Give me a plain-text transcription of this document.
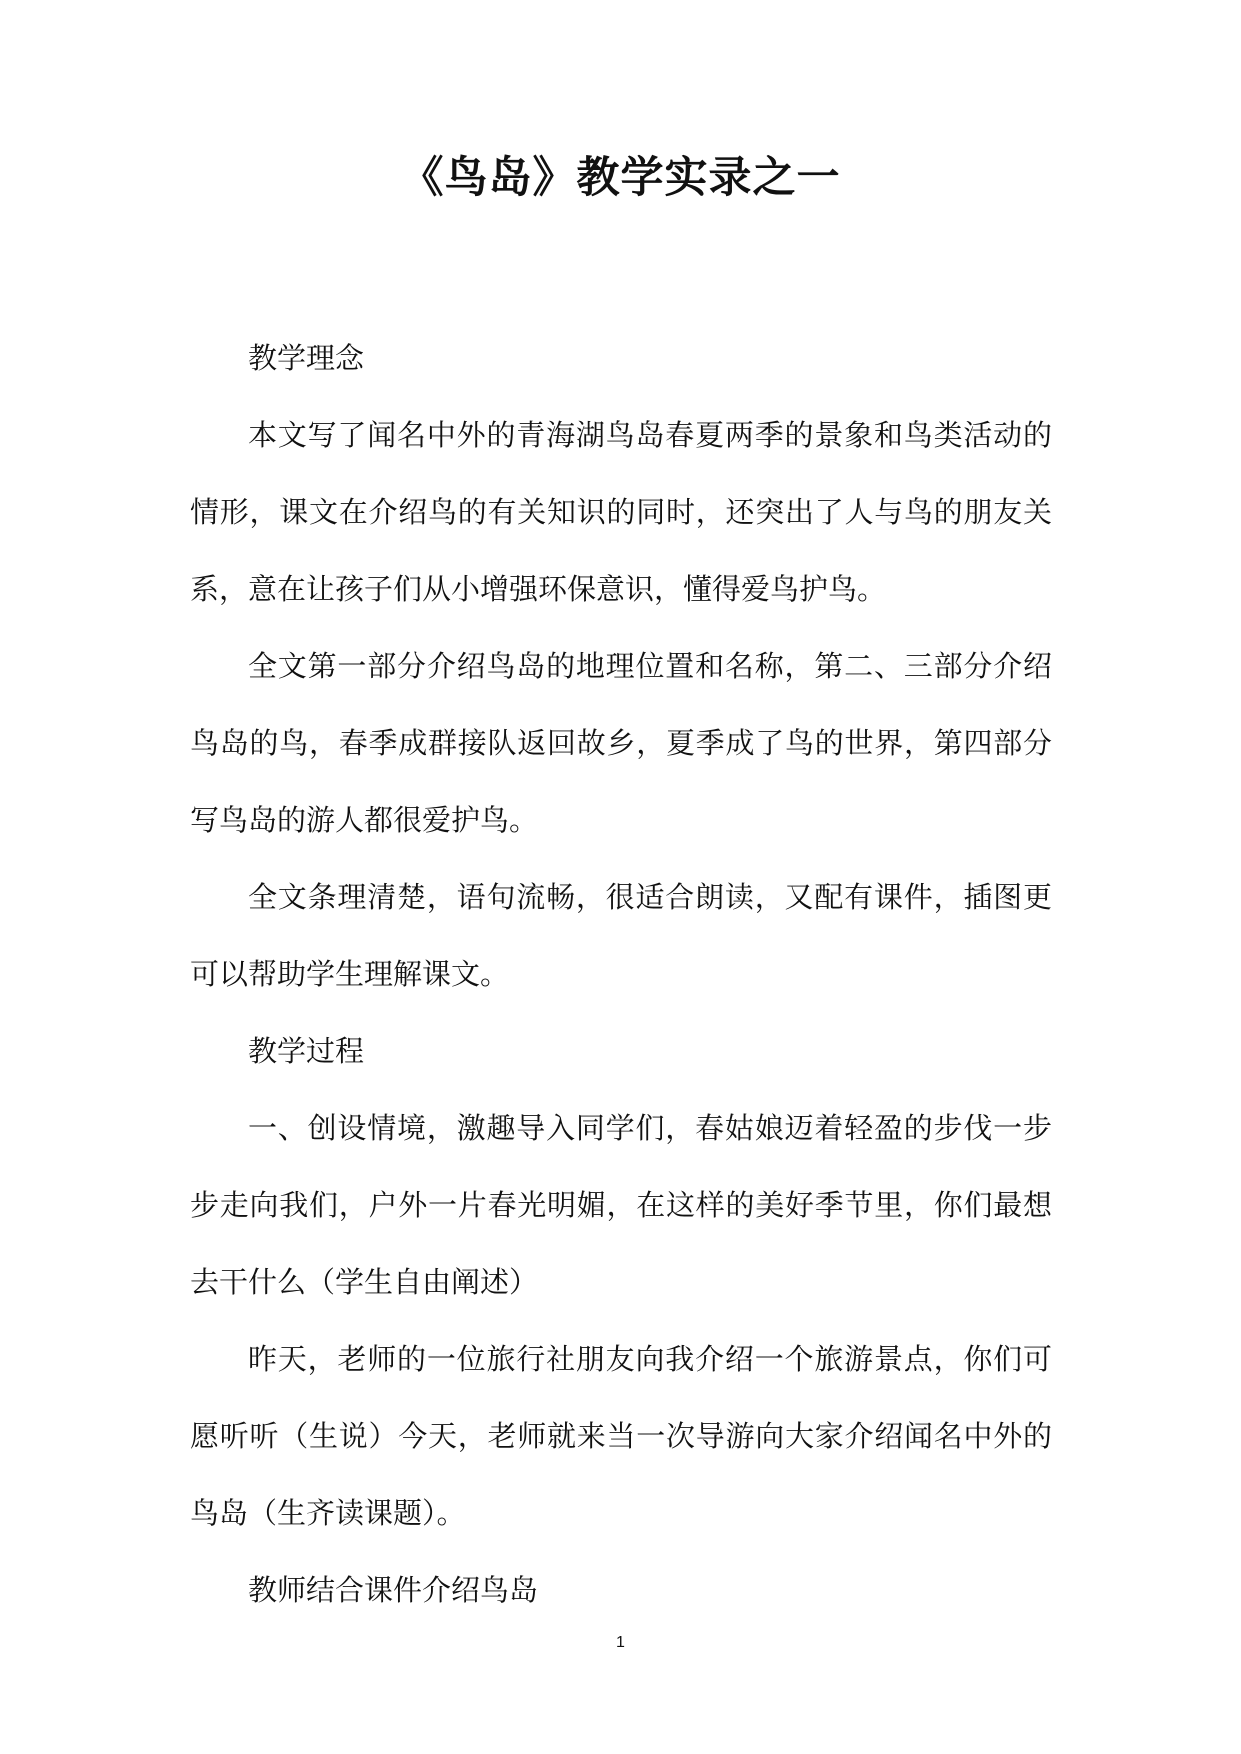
《鸟岛》教学实录之一

教学理念

本文写了闻名中外的青海湖鸟岛春夏两季的景象和鸟类活动的情形，课文在介绍鸟的有关知识的同时，还突出了人与鸟的朋友关系，意在让孩子们从小增强环保意识，懂得爱鸟护鸟。

全文第一部分介绍鸟岛的地理位置和名称，第二、三部分介绍鸟岛的鸟，春季成群接队返回故乡，夏季成了鸟的世界，第四部分写鸟岛的游人都很爱护鸟。

全文条理清楚，语句流畅，很适合朗读，又配有课件，插图更可以帮助学生理解课文。

教学过程

一、创设情境，激趣导入同学们，春姑娘迈着轻盈的步伐一步步走向我们，户外一片春光明媚，在这样的美好季节里，你们最想去干什么（学生自由阐述）

昨天，老师的一位旅行社朋友向我介绍一个旅游景点，你们可愿听听（生说）今天，老师就来当一次导游向大家介绍闻名中外的鸟岛（生齐读课题）。

教师结合课件介绍鸟岛

1
